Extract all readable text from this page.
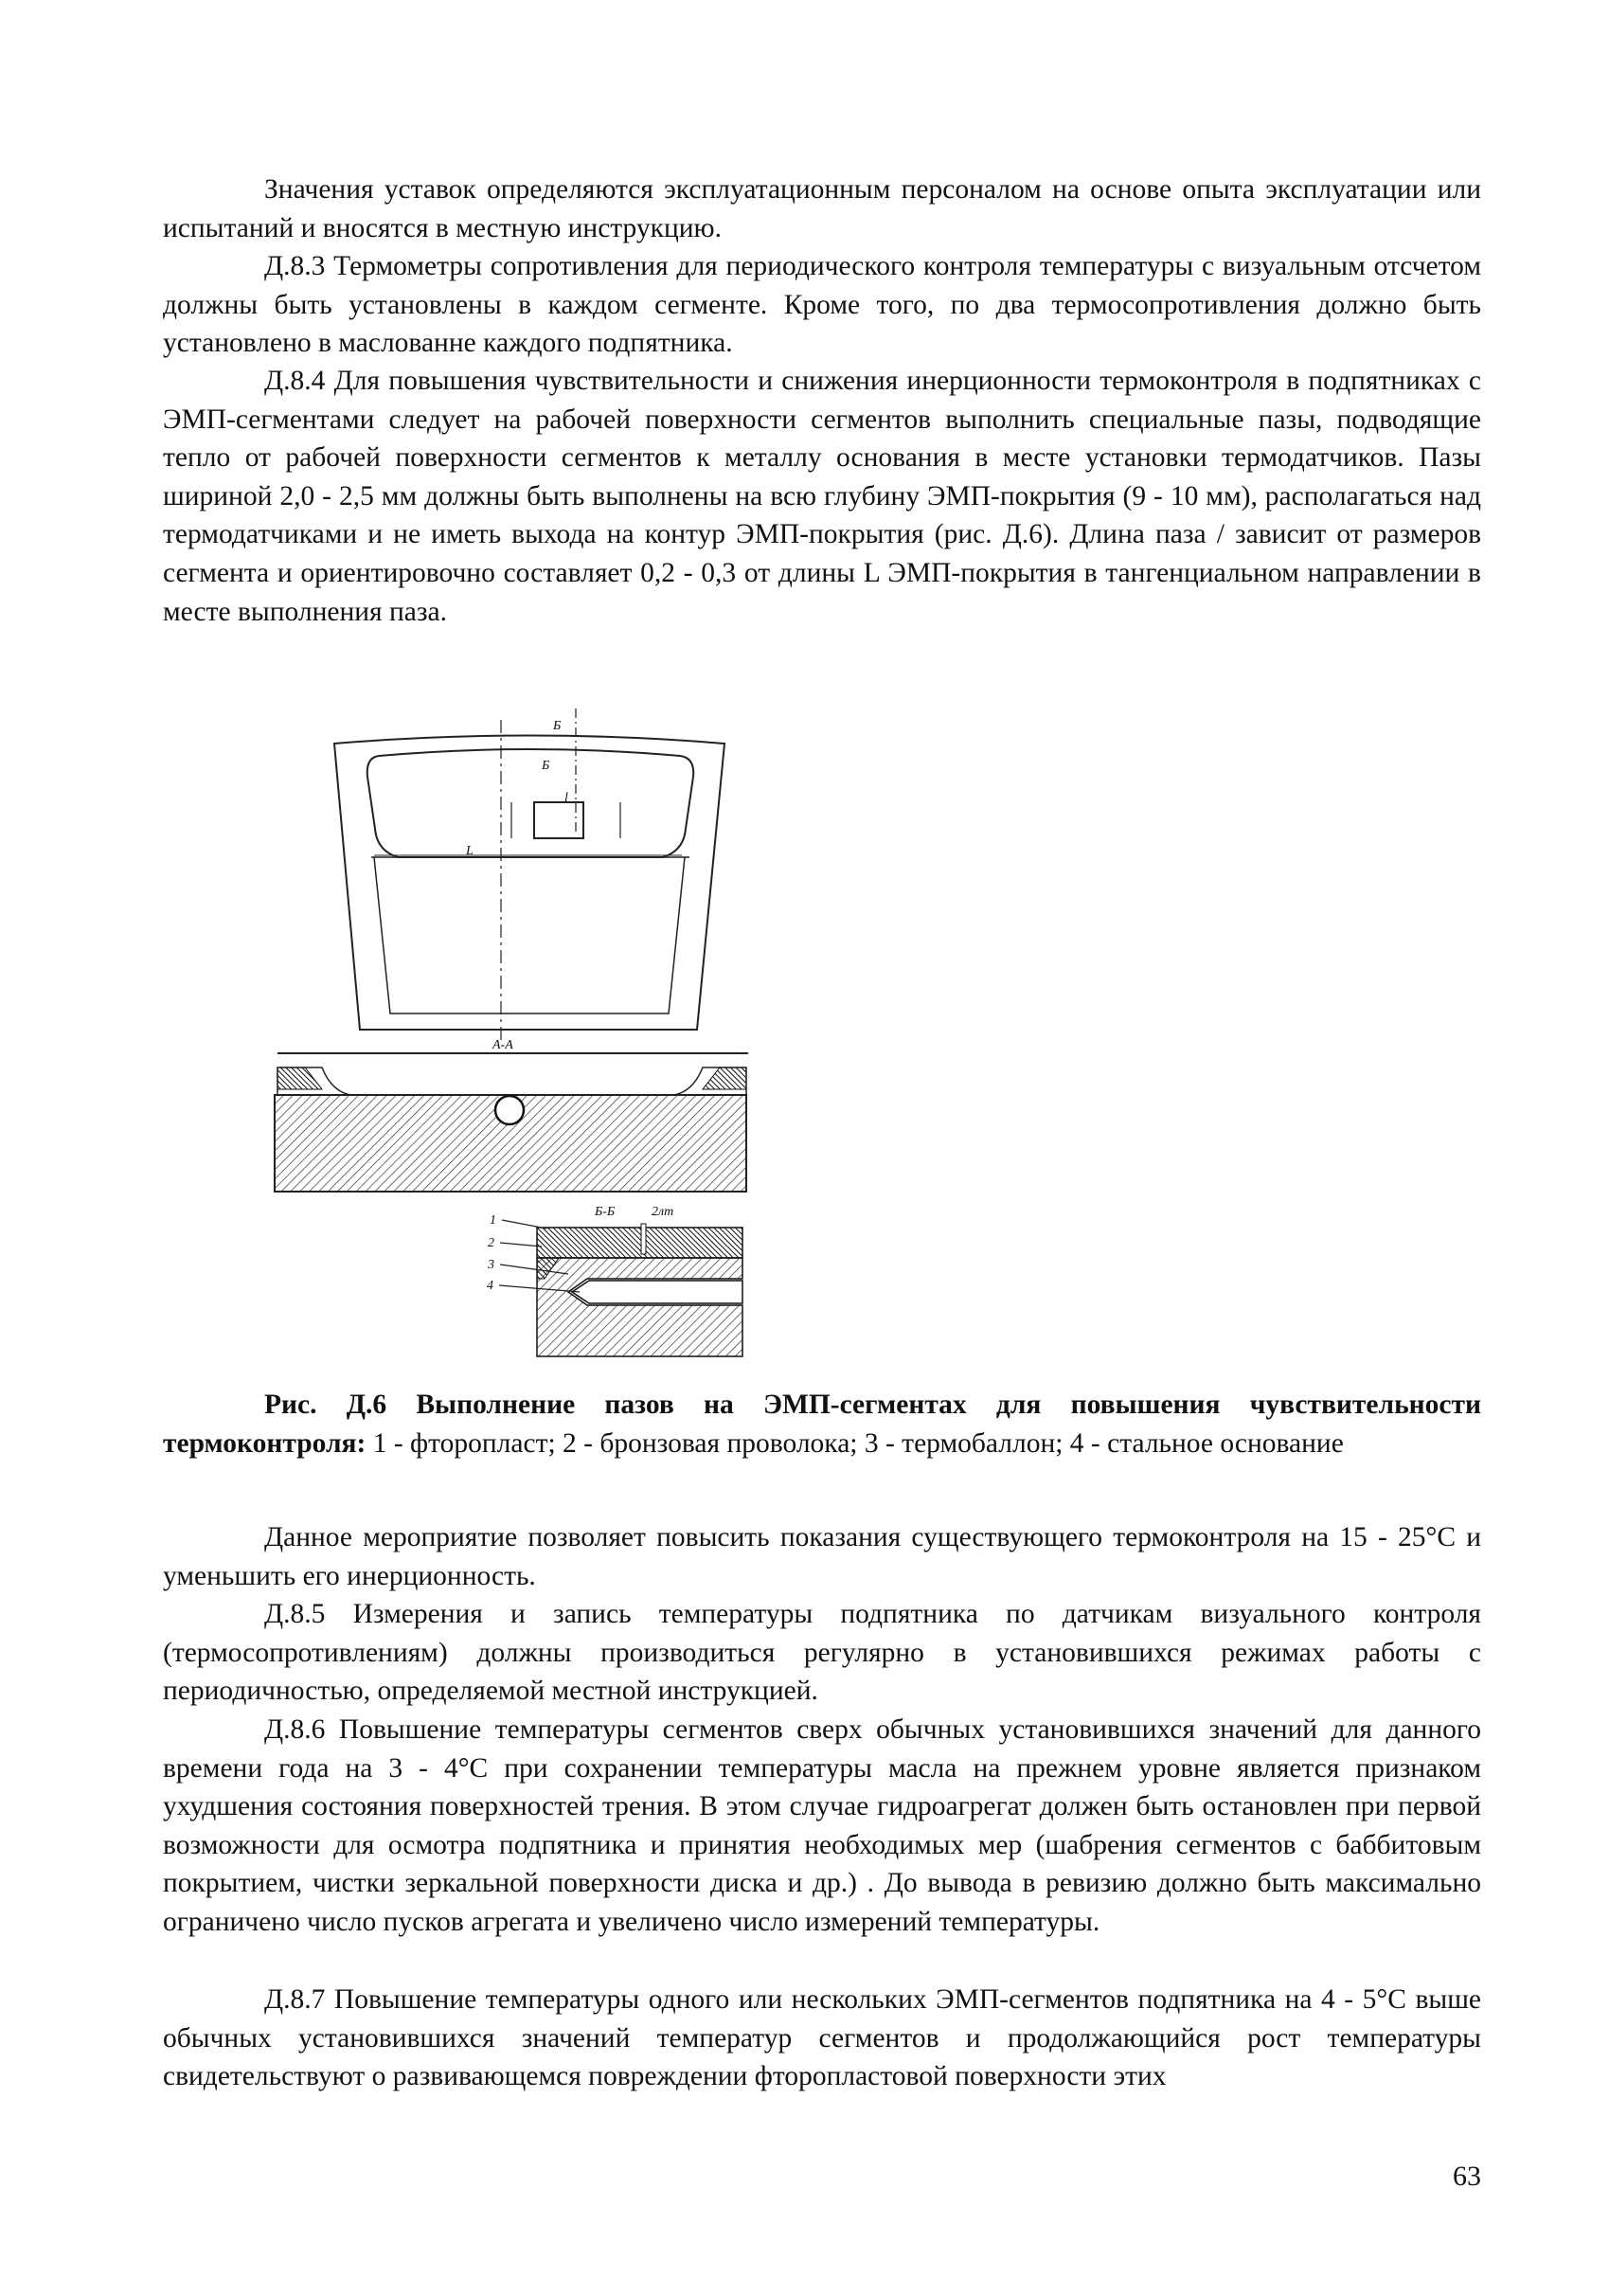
Значения уставок определяются эксплуатационным персоналом на основе опыта эксплуатации или испытаний и вносятся в местную инструкцию.

Д.8.3 Термометры сопротивления для периодического контроля температуры с визуальным отсчетом должны быть установлены в каждом сегменте. Кроме того, по два термосопротивления должно быть установлено в маслованне каждого подпятника.

Д.8.4 Для повышения чувствительности и снижения инерционности термоконтроля в подпятниках с ЭМП-сегментами следует на рабочей поверхности сегментов выполнить специальные пазы, подводящие тепло от рабочей поверхности сегментов к металлу основания в месте установки термодатчиков. Пазы шириной 2,0 - 2,5 мм должны быть выполнены на всю глубину ЭМП-покрытия (9 - 10 мм), располагаться над термодатчиками и не иметь выхода на контур ЭМП-покрытия (рис. Д.6). Длина паза / зависит от размеров сегмента и ориентировочно составляет 0,2 - 0,3 от длины L ЭМП-покрытия в тангенциальном направлении в месте выполнения паза.

Б
l
L
Б
А-А
Б-Б	2лт
1
2
3
4

Рис. Д.6 Выполнение пазов на ЭМП-сегментах для повышения чувствительности термоконтроля: 1 - фторопласт; 2 - бронзовая проволока; 3 - термобаллон; 4 - стальное основание

Данное мероприятие позволяет повысить показания существующего термоконтроля на 15 - 25°С и уменьшить его инерционность.

Д.8.5 Измерения и запись температуры подпятника по датчикам визуального контроля (термосопротивлениям) должны производиться регулярно в установившихся режимах работы с периодичностью, определяемой местной инструкцией.

Д.8.6 Повышение температуры сегментов сверх обычных установившихся значений для данного времени года на 3 - 4°С при сохранении температуры масла на прежнем уровне является признаком ухудшения состояния поверхностей трения. В этом случае гидроагрегат должен быть остановлен при первой возможности для осмотра подпятника и принятия необходимых мер (шабрения сегментов с баббитовым покрытием, чистки зеркальной поверхности диска и др.) . До вывода в ревизию должно быть максимально ограничено число пусков агрегата и увеличено число измерений температуры.

Д.8.7 Повышение температуры одного или нескольких ЭМП-сегментов подпятника на 4 - 5°С выше обычных установившихся значений температур сегментов и продолжающийся рост температуры свидетельствуют о развивающемся повреждении фторопластовой поверхности этих

63
